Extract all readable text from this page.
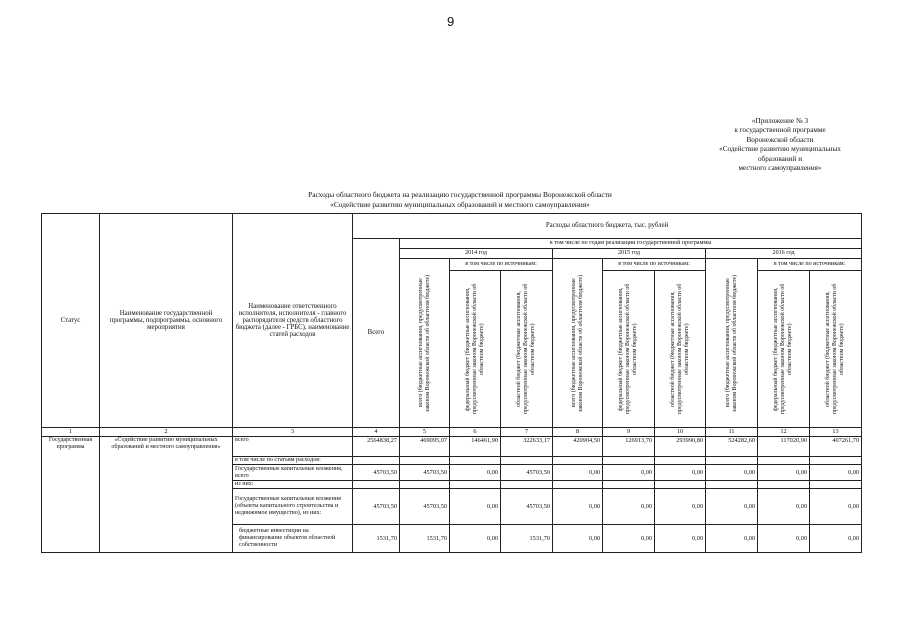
9
«Приложение № 3
к государственной программе
Воронежской области
«Содействие развитию муниципальных
образований и
местного самоуправления»
Расходы областного бюджета на реализацию государственной программы Воронежской области
«Содействие развитию муниципальных образований и местного самоуправления»
Статус	Наименование государственной программы, подпрограммы, основного мероприятия	Наименование ответственного исполнителя, исполнителя - главного распорядителя средств областного бюджета (далее - ГРБС), наименование статей расходов	Расходы областного бюджета, тыс. рублей									
			Всего	в том числе по годам реализации государственной программы								
				2014 год			2015 год			2016 год		

				всего (бюджетные ассигнования, предусмотренные законом Воронежской области об областном бюджете)	в том числе по источникам:		всего (бюджетные ассигнования, предусмотренные законом Воронежской области об областном бюджете)	в том числе по источникам:		всего (бюджетные ассигнования, предусмотренные законом Воронежской области об областном бюджете)	в том числе по источникам:	

					федеральный бюджет (бюджетные ассигнования, предусмотренные законом Воронежской области об областном бюджете)	областной бюджет (бюджетные ассигнования, предусмотренные законом Воронежской области об областном бюджете)		федеральный бюджет (бюджетные ассигнования, предусмотренные законом Воронежской области об областном бюджете)	областной бюджет (бюджетные ассигнования, предусмотренные законом Воронежской области об областном бюджете)		федеральный бюджет (бюджетные ассигнования, предусмотренные законом Воронежской области об областном бюджете)	областной бюджет (бюджетные ассигнования, предусмотренные законом Воронежской области об областном бюджете)

1	2	3	4	5	6	7	8	9	10	11	12	13
Государственная программа	«Содействие развитию муниципальных образований и местного самоуправления»	всего	2564838,27	469095,07	146461,90	322633,17	420904,50	126913,70	293990,80	524282,60	117020,90	407261,70
		в том числе по статьям расходов:										
		Государственные капитальные вложения, всего	45703,50	45703,50	0,00	45703,50	0,00	0,00	0,00	0,00	0,00	0,00
		из них:										
		Государственные капитальные вложения (объекты капитального строительства и недвижимое имущество), из них:	45703,50	45703,50	0,00	45703,50	0,00	0,00	0,00	0,00	0,00	0,00
		бюджетные инвестиции на финансирование объектов областной собственности	1531,70	1531,70	0,00	1531,70	0,00	0,00	0,00	0,00	0,00	0,00
